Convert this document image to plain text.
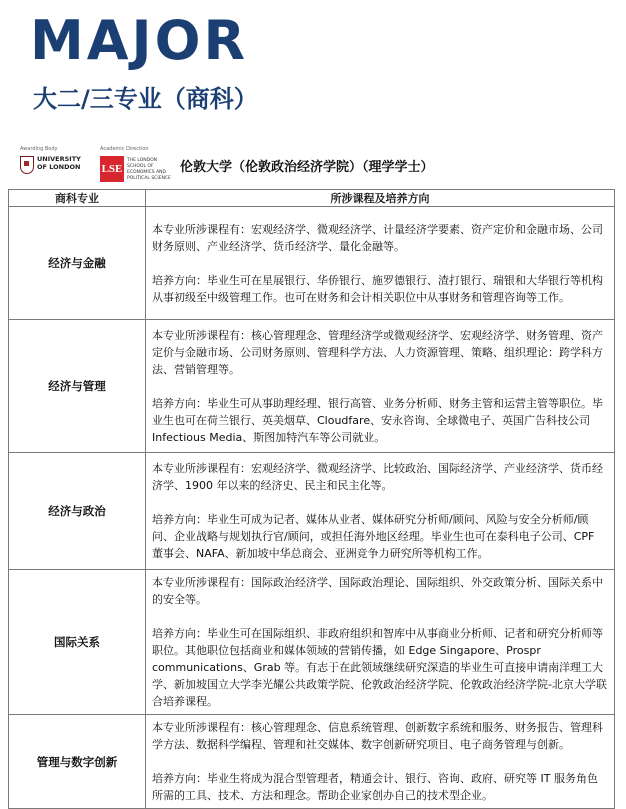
MAJOR
大二/三专业（商科）
Awarding Body
UNIVERSITY
OF LONDON
Academic Direction
LSE
THE LONDON SCHOOL OF ECONOMICS AND POLITICAL SCIENCE
伦敦大学（伦敦政治经济学院）（理学学士）
商科专业	所涉课程及培养方向
经济与金融	本专业所涉课程有：宏观经济学、微观经济学、计量经济学要素、资产定价和金融市场、公司财务原则、产业经济学、货币经济学、量化金融等。

培养方向：毕业生可在星展银行、华侨银行、施罗德银行、渣打银行、瑞银和大华银行等机构从事初级至中级管理工作。也可在财务和会计相关职位中从事财务和管理咨询等工作。

经济与管理	本专业所涉课程有：核心管理理念、管理经济学或微观经济学、宏观经济学、财务管理、资产定价与金融市场、公司财务原则、管理科学方法、人力资源管理、策略、组织理论：跨学科方法、营销管理等。

培养方向：毕业生可从事助理经理、银行高管、业务分析师、财务主管和运营主管等职位。毕业生也可在荷兰银行、英美烟草、Cloudfare、安永咨询、全球微电子、英国广告科技公司 Infectious Media、斯图加特汽车等公司就业。

经济与政治	本专业所涉课程有：宏观经济学、微观经济学、比较政治、国际经济学、产业经济学、货币经济学、1900 年以来的经济史、民主和民主化等。

培养方向：毕业生可成为记者、媒体从业者、媒体研究分析师/顾问、风险与安全分析师/顾问、企业战略与规划执行官/顾问，或担任海外地区经理。毕业生也可在泰科电子公司、CPF 董事会、NAFA、新加坡中华总商会、亚洲竞争力研究所等机构工作。

国际关系	本专业所涉课程有：国际政治经济学、国际政治理论、国际组织、外交政策分析、国际关系中的安全等。

培养方向：毕业生可在国际组织、非政府组织和智库中从事商业分析师、记者和研究分析师等职位。其他职位包括商业和媒体领域的营销传播，如 Edge Singapore、Prospr communications、Grab 等。有志于在此领域继续研究深造的毕业生可直接申请南洋理工大学、新加坡国立大学李光耀公共政策学院、伦敦政治经济学院、伦敦政治经济学院-北京大学联合培养课程。

管理与数字创新	本专业所涉课程有：核心管理理念、信息系统管理、创新数字系统和服务、财务报告、管理科学方法、数据科学编程、管理和社交媒体、数字创新研究项目、电子商务管理与创新。

培养方向：毕业生将成为混合型管理者，精通会计、银行、咨询、政府、研究等 IT 服务角色所需的工具、技术、方法和理念。帮助企业家创办自己的技术型企业。
